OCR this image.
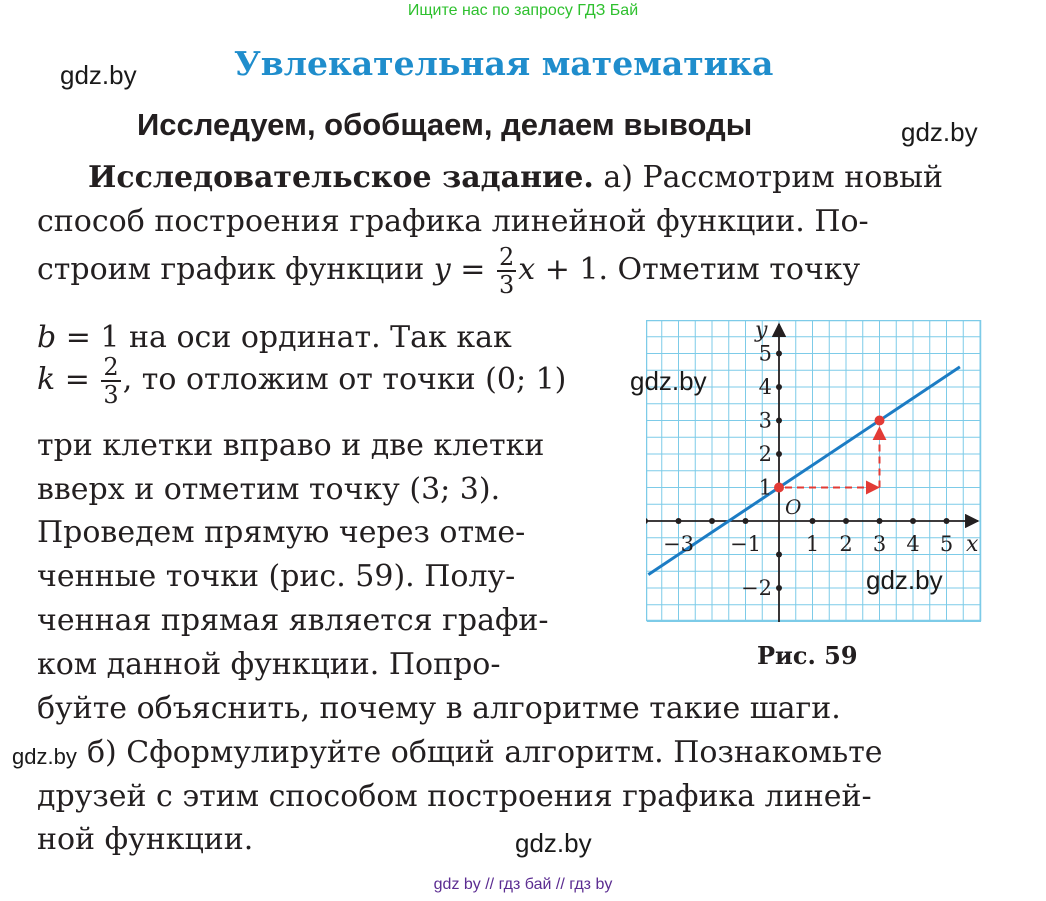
Ищите нас по запросу ГДЗ Бай
gdz.by	Увлекательная математика
Исследуем, обобщаем, делаем выводы	gdz.by
Исследовательское задание. а) Рассмотрим новый
способ построения графика линейной функции. По-
строим график функции $y = \frac{2}{3}$ x + 1. Отметим точку
b = 1 на оси ординат. Так как
$k = \frac{2}{3}$ , то отложим от точки (0; 1)
три клетки вправо и две клетки
вверх и отметим точку (3; 3).
Проведем прямую через отме-
ченные точки (рис. 59). Полу-
ченная прямая является графи-
ком данной функции. Попро-
буйте объяснить, почему в алгоритме такие шаги.
gdz.by б) Сформулируйте общий алгоритм. Познакомьте
друзей с этим способом построения графика линей-
ной функции.	gdz.by
−3 −1 1 2 3 4 5
5
4
3
2
1
−2
x
y
O
gdz.by
gdz.by
Рис. 59
gdz by // гдз бай // гдз by
